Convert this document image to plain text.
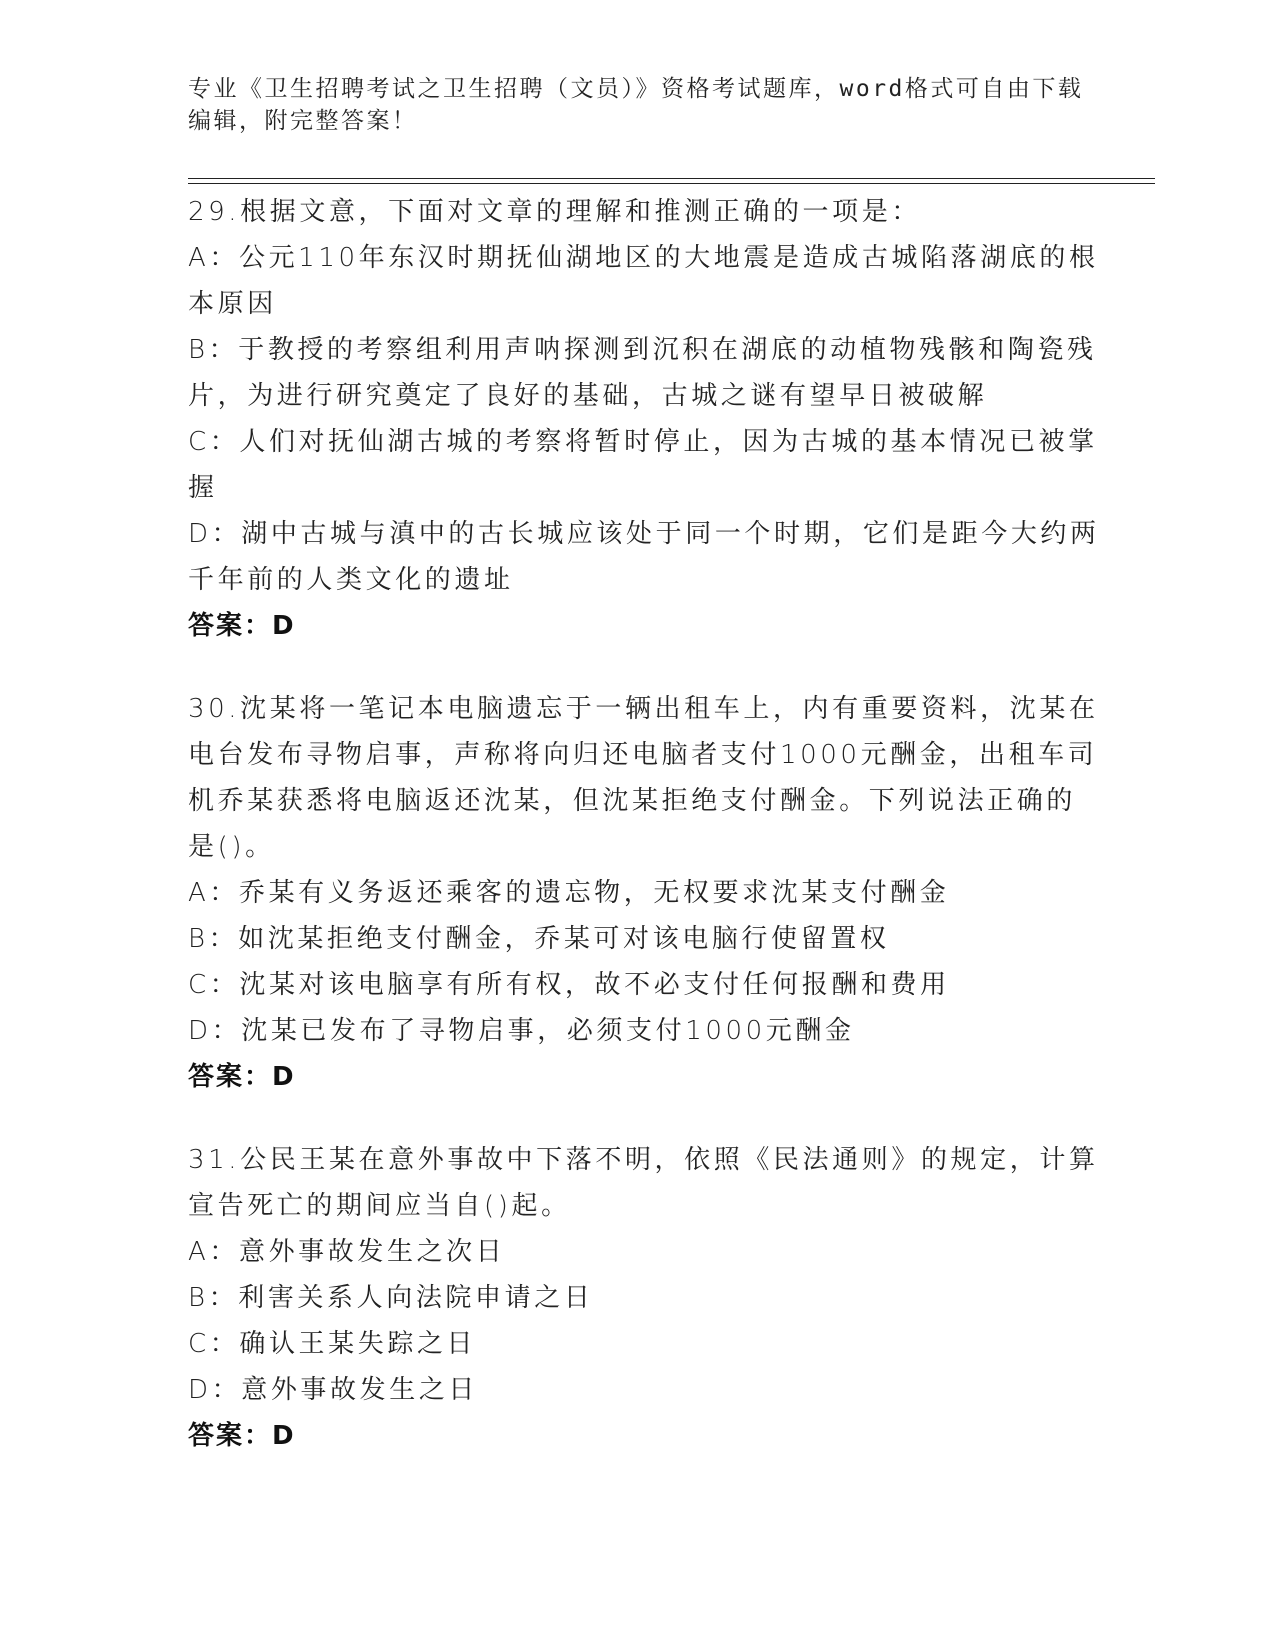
专业《卫生招聘考试之卫生招聘（文员）》资格考试题库，word格式可自由下载
编辑，附完整答案！
29.根据文意，下面对文章的理解和推测正确的一项是：
A：公元110年东汉时期抚仙湖地区的大地震是造成古城陷落湖底的根
本原因
B：于教授的考察组利用声呐探测到沉积在湖底的动植物残骸和陶瓷残
片，为进行研究奠定了良好的基础，古城之谜有望早日被破解
C：人们对抚仙湖古城的考察将暂时停止，因为古城的基本情况已被掌
握
D：湖中古城与滇中的古长城应该处于同一个时期，它们是距今大约两
千年前的人类文化的遗址
答案：D
30.沈某将一笔记本电脑遗忘于一辆出租车上，内有重要资料，沈某在
电台发布寻物启事，声称将向归还电脑者支付1000元酬金，出租车司
机乔某获悉将电脑返还沈某，但沈某拒绝支付酬金。下列说法正确的
是()。
A：乔某有义务返还乘客的遗忘物，无权要求沈某支付酬金
B：如沈某拒绝支付酬金，乔某可对该电脑行使留置权
C：沈某对该电脑享有所有权，故不必支付任何报酬和费用
D：沈某已发布了寻物启事，必须支付1000元酬金
答案：D
31.公民王某在意外事故中下落不明，依照《民法通则》的规定，计算
宣告死亡的期间应当自()起。
A：意外事故发生之次日
B：利害关系人向法院申请之日
C：确认王某失踪之日
D：意外事故发生之日
答案：D
